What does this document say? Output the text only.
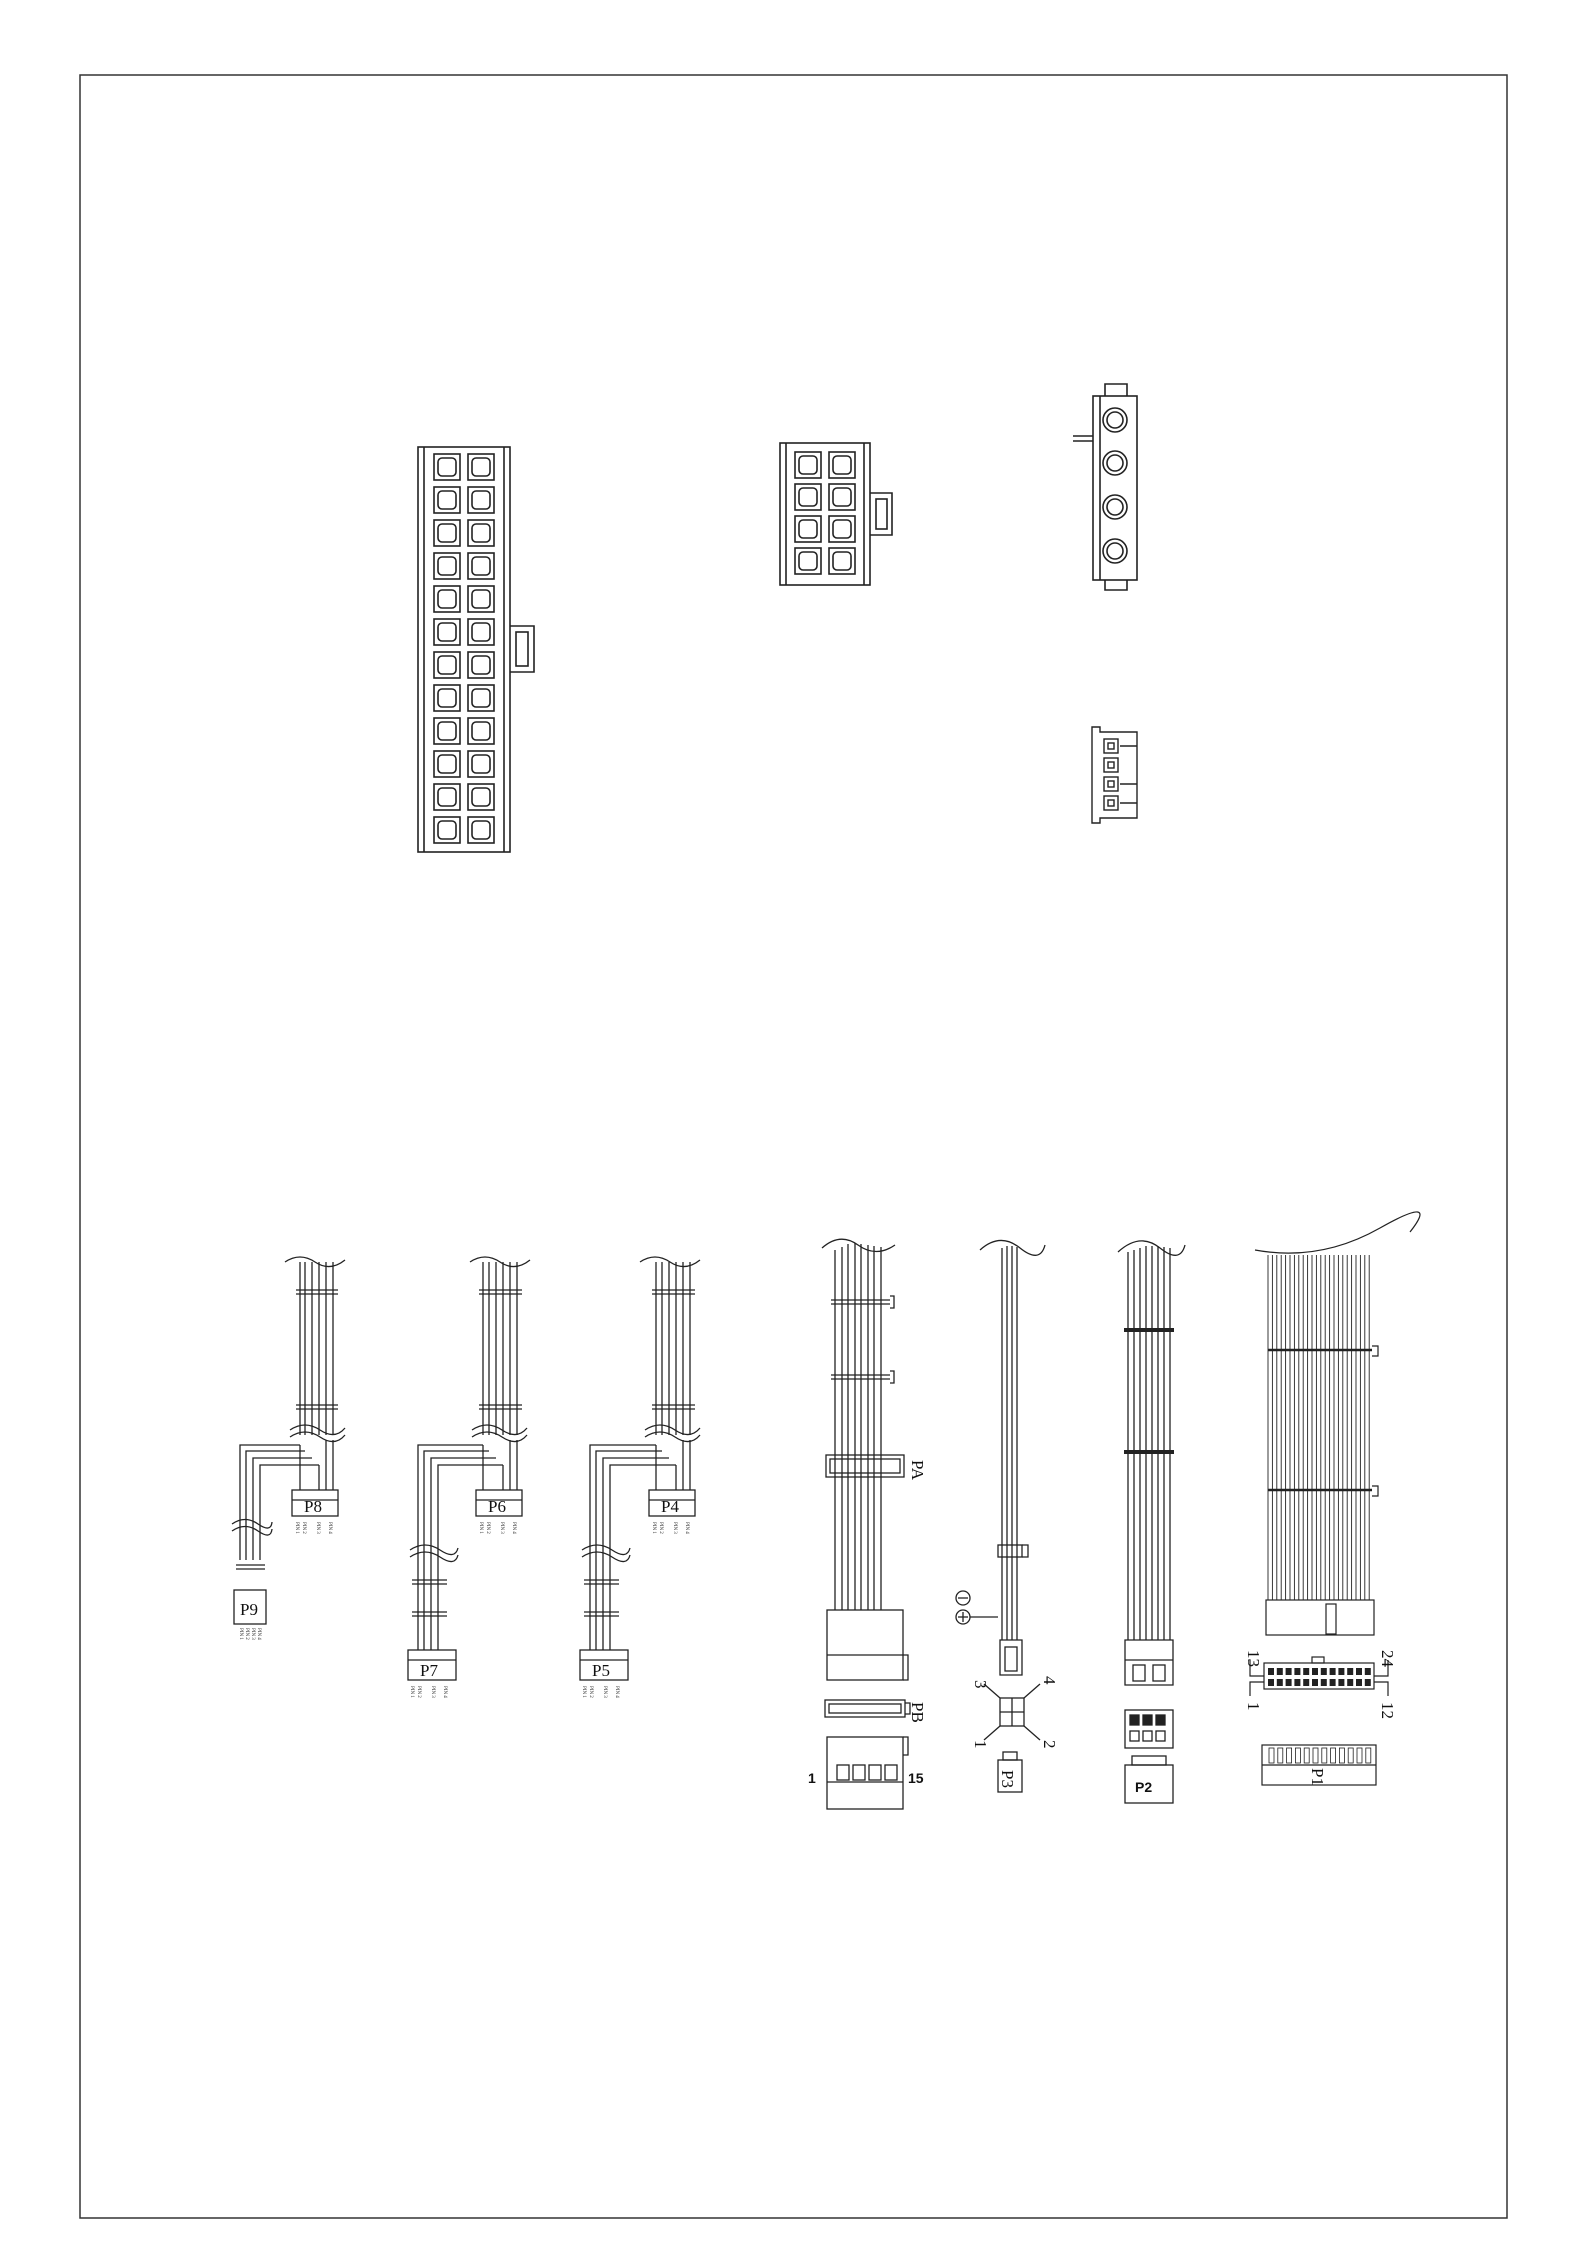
P8
P9
PIN 1 PIN 2 PIN 3 PIN 4
PIN 1 PIN 2 PIN 3 PIN 4
P6
P7
PIN 1 PIN 2 PIN 3 PIN 4
PIN 1 PIN 2 PIN 3 PIN 4
P4
P5
PIN 1 PIN 2 PIN 3 PIN 4
PIN 1 PIN 2 PIN 3 PIN 4
PA
PB
1	15	P3
3	4
1	2
P2
P1
13	24
1	12
